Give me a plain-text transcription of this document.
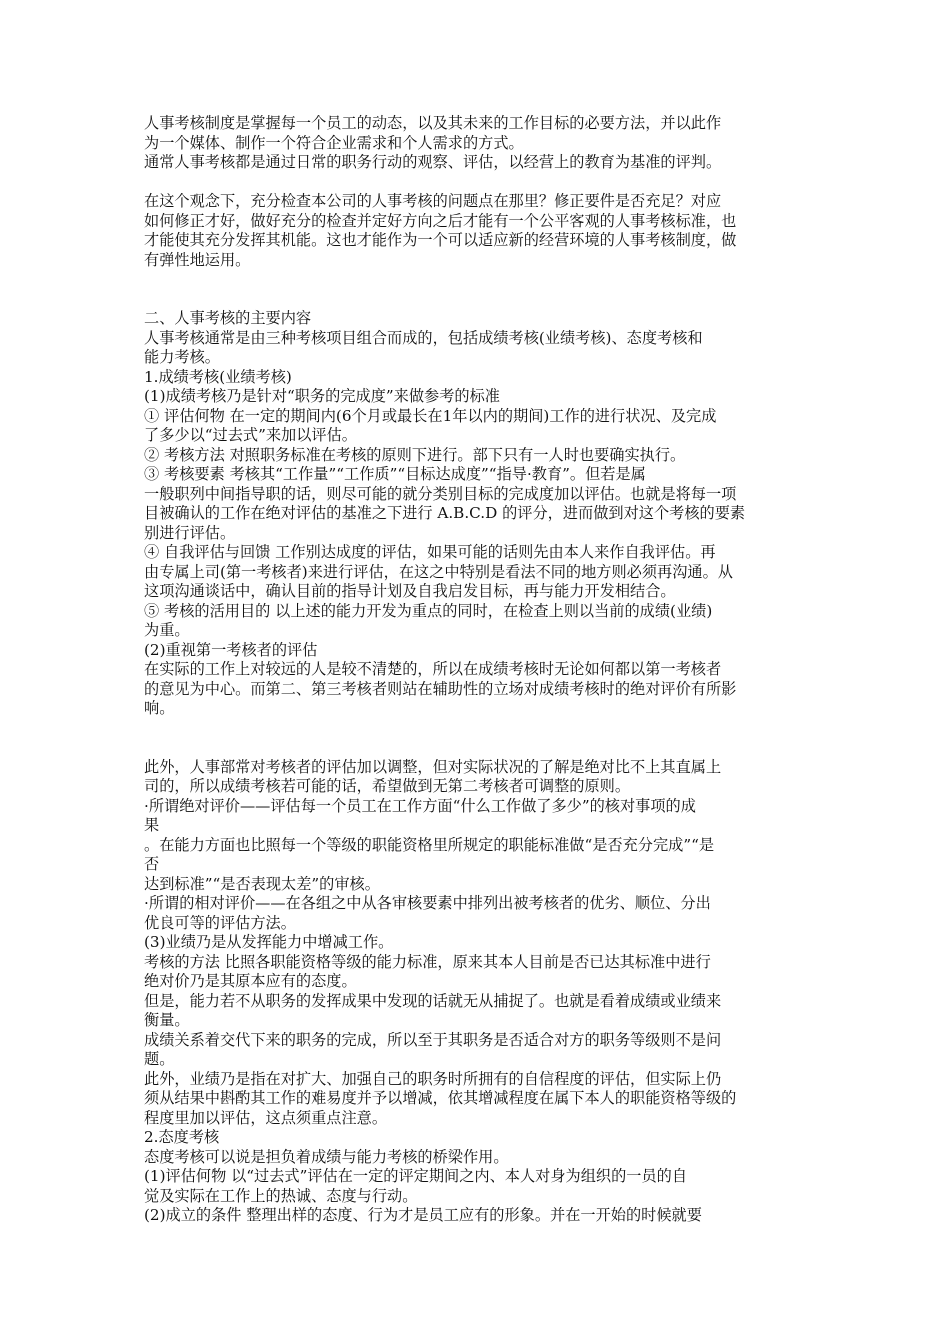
人事考核制度是掌握每一个员工的动态，以及其未来的工作目标的必要方法，并以此作
为一个媒体、制作一个符合企业需求和个人需求的方式。
通常人事考核都是通过日常的职务行动的观察、评估，以经营上的教育为基准的评判。
在这个观念下，充分检查本公司的人事考核的问题点在那里？修正要件是否充足？对应
如何修正才好，做好充分的检查并定好方向之后才能有一个公平客观的人事考核标准，也
才能使其充分发挥其机能。这也才能作为一个可以适应新的经营环境的人事考核制度，做
有弹性地运用。
二、人事考核的主要内容
人事考核通常是由三种考核项目组合而成的，包括成绩考核(业绩考核)、态度考核和
能力考核。
1.成绩考核(业绩考核)
(1)成绩考核乃是针对“职务的完成度”来做参考的标准
① 评估何物 在一定的期间内(6个月或最长在1年以内的期间)工作的进行状况、及完成
了多少以“过去式”来加以评估。
② 考核方法 对照职务标准在考核的原则下进行。部下只有一人时也要确实执行。
③ 考核要素 考核其“工作量”“工作质”“目标达成度”“指导·教育”。但若是属
一般职列中间指导职的话，则尽可能的就分类别目标的完成度加以评估。也就是将每一项
目被确认的工作在绝对评估的基准之下进行 A.B.C.D 的评分，进而做到对这个考核的要素
别进行评估。
④ 自我评估与回馈 工作别达成度的评估，如果可能的话则先由本人来作自我评估。再
由专属上司(第一考核者)来进行评估，在这之中特别是看法不同的地方则必须再沟通。从
这项沟通谈话中，确认目前的指导计划及自我启发目标，再与能力开发相结合。
⑤ 考核的活用目的 以上述的能力开发为重点的同时，在检查上则以当前的成绩(业绩)
为重。
(2)重视第一考核者的评估
在实际的工作上对较远的人是较不清楚的，所以在成绩考核时无论如何都以第一考核者
的意见为中心。而第二、第三考核者则站在辅助性的立场对成绩考核时的绝对评价有所影
响。
此外，人事部常对考核者的评估加以调整，但对实际状况的了解是绝对比不上其直属上
司的，所以成绩考核若可能的话，希望做到无第二考核者可调整的原则。
·所谓绝对评价——评估每一个员工在工作方面“什么工作做了多少”的核对事项的成
果
。在能力方面也比照每一个等级的职能资格里所规定的职能标准做“是否充分完成”“是
否
达到标准”“是否表现太差”的审核。
·所谓的相对评价——在各组之中从各审核要素中排列出被考核者的优劣、顺位、分出
优良可等的评估方法。
(3)业绩乃是从发挥能力中增减工作。
考核的方法 比照各职能资格等级的能力标准，原来其本人目前是否已达其标准中进行
绝对价乃是其原本应有的态度。
但是，能力若不从职务的发挥成果中发现的话就无从捕捉了。也就是看着成绩或业绩来
衡量。
成绩关系着交代下来的职务的完成，所以至于其职务是否适合对方的职务等级则不是问
题。
此外，业绩乃是指在对扩大、加强自己的职务时所拥有的自信程度的评估，但实际上仍
须从结果中斟酌其工作的难易度并予以增减，依其增减程度在属下本人的职能资格等级的
程度里加以评估，这点须重点注意。
2.态度考核
态度考核可以说是担负着成绩与能力考核的桥梁作用。
(1)评估何物 以“过去式”评估在一定的评定期间之内、本人对身为组织的一员的自
觉及实际在工作上的热诚、态度与行动。
(2)成立的条件 整理出样的态度、行为才是员工应有的形象。并在一开始的时候就要
